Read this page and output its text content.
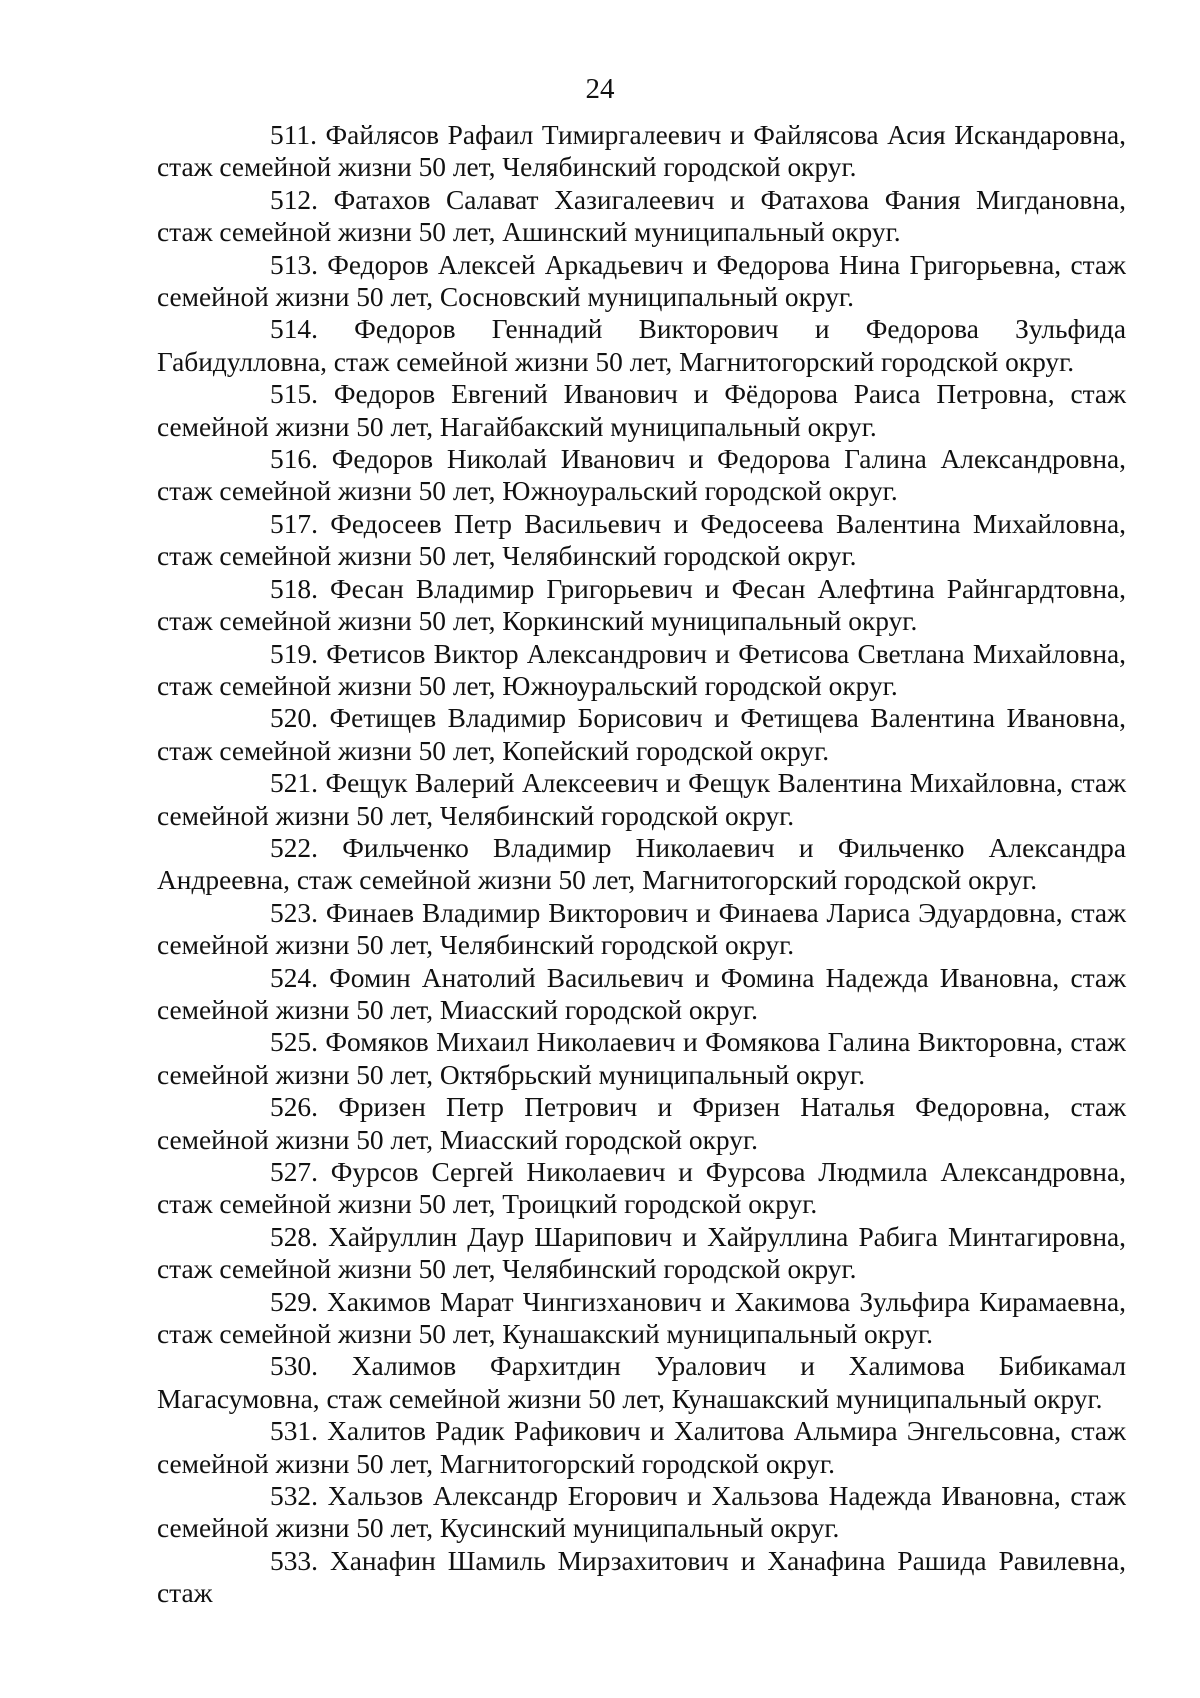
24

511. Файлясов Рафаил Тимиргалеевич и Файлясова Асия Искандаровна, стаж семейной жизни 50 лет, Челябинский городской округ.

512. Фатахов Салават Хазигалеевич и Фатахова Фания Мигдановна, стаж семейной жизни 50 лет, Ашинский муниципальный округ.

513. Федоров Алексей Аркадьевич и Федорова Нина Григорьевна, стаж семейной жизни 50 лет, Сосновский муниципальный округ.

514. Федоров Геннадий Викторович и Федорова Зульфида Габидулловна, стаж семейной жизни 50 лет, Магнитогорский городской округ.

515. Федоров Евгений Иванович и Фёдорова Раиса Петровна, стаж семейной жизни 50 лет, Нагайбакский муниципальный округ.

516. Федоров Николай Иванович и Федорова Галина Александровна, стаж семейной жизни 50 лет, Южноуральский городской округ.

517. Федосеев Петр Васильевич и Федосеева Валентина Михайловна, стаж семейной жизни 50 лет, Челябинский городской округ.

518. Фесан Владимир Григорьевич и Фесан Алефтина Райнгардтовна, стаж семейной жизни 50 лет, Коркинский муниципальный округ.

519. Фетисов Виктор Александрович и Фетисова Светлана Михайловна, стаж семейной жизни 50 лет, Южноуральский городской округ.

520. Фетищев Владимир Борисович и Фетищева Валентина Ивановна, стаж семейной жизни 50 лет, Копейский городской округ.

521. Фещук Валерий Алексеевич и Фещук Валентина Михайловна, стаж семейной жизни 50 лет, Челябинский городской округ.

522. Фильченко Владимир Николаевич и Фильченко Александра Андреевна, стаж семейной жизни 50 лет, Магнитогорский городской округ.

523. Финаев Владимир Викторович и Финаева Лариса Эдуардовна, стаж семейной жизни 50 лет, Челябинский городской округ.

524. Фомин Анатолий Васильевич и Фомина Надежда Ивановна, стаж семейной жизни 50 лет, Миасский городской округ.

525. Фомяков Михаил Николаевич и Фомякова Галина Викторовна, стаж семейной жизни 50 лет, Октябрьский муниципальный округ.

526. Фризен Петр Петрович и Фризен Наталья Федоровна, стаж семейной жизни 50 лет, Миасский городской округ.

527. Фурсов Сергей Николаевич и Фурсова Людмила Александровна, стаж семейной жизни 50 лет, Троицкий городской округ.

528. Хайруллин Даур Шарипович и Хайруллина Рабига Минтагировна, стаж семейной жизни 50 лет, Челябинский городской округ.

529. Хакимов Марат Чингизханович и Хакимова Зульфира Кирамаевна, стаж семейной жизни 50 лет, Кунашакский муниципальный округ.

530. Халимов Фархитдин Уралович и Халимова Бибикамал Магасумовна, стаж семейной жизни 50 лет, Кунашакский муниципальный округ.

531. Халитов Радик Рафикович и Халитова Альмира Энгельсовна, стаж семейной жизни 50 лет, Магнитогорский городской округ.

532. Хальзов Александр Егорович и Хальзова Надежда Ивановна, стаж семейной жизни 50 лет, Кусинский муниципальный округ.

533. Ханафин Шамиль Мирзахитович и Ханафина Рашида Равилевна, стаж
